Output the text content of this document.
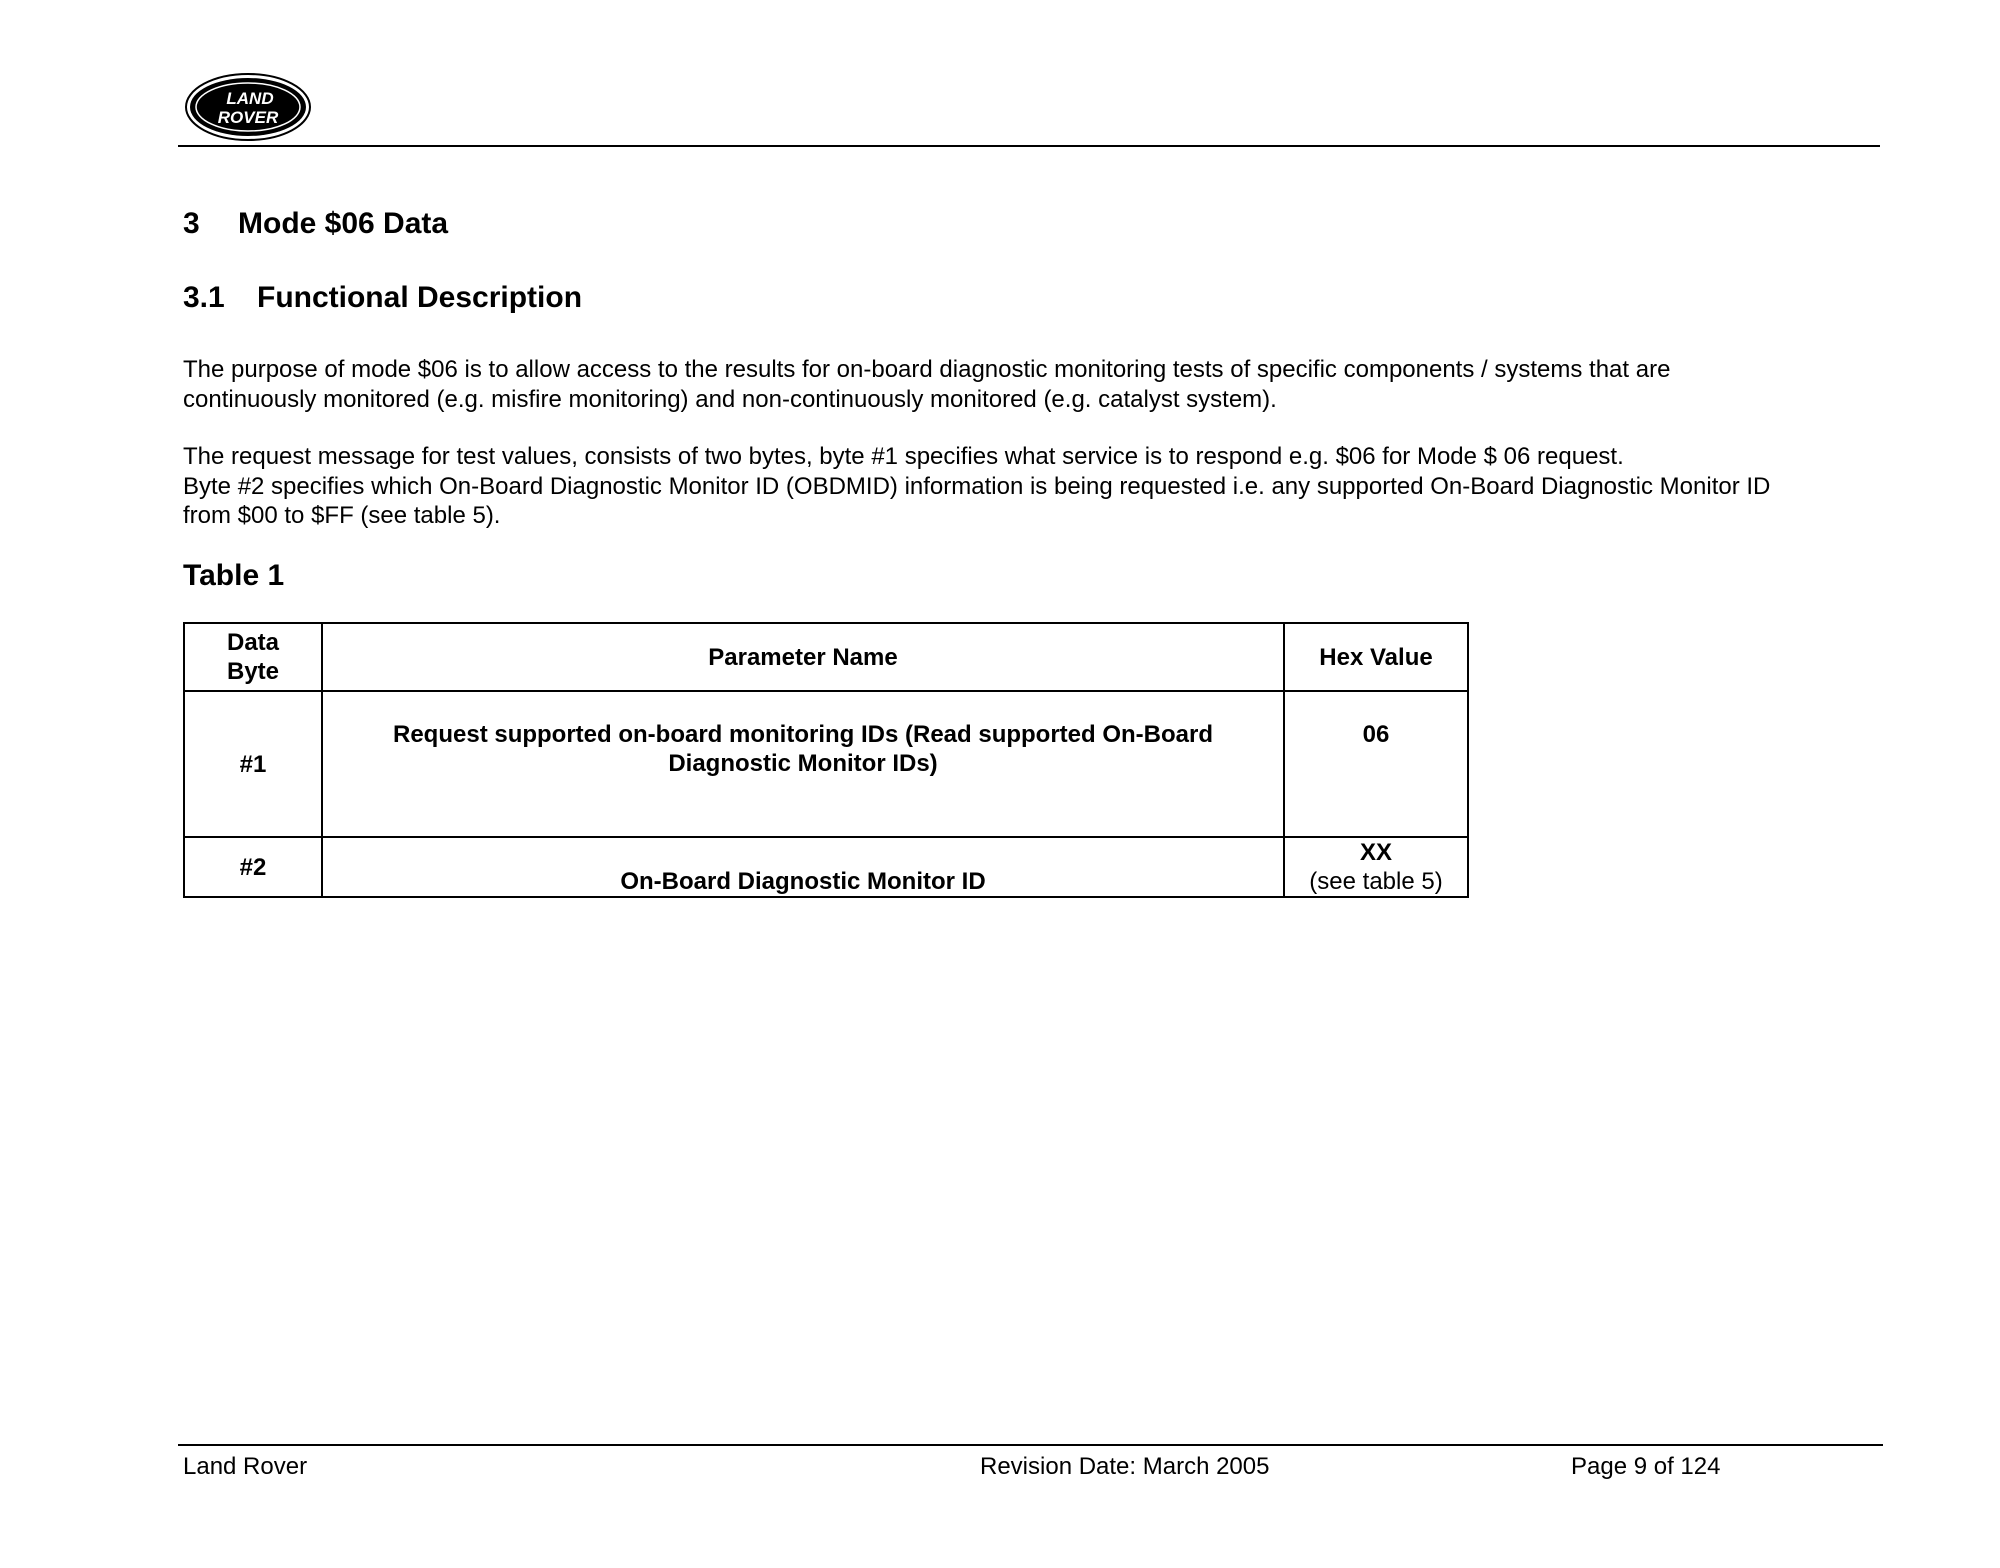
LAND
ROVER
3 Mode $06 Data
3.1 Functional Description
The purpose of mode $06 is to allow access to the results for on-board diagnostic monitoring tests of specific components / systems that are
continuously monitored (e.g. misfire monitoring) and non-continuously monitored (e.g. catalyst system).
The request message for test values, consists of two bytes, byte #1 specifies what service is to respond e.g. $06 for Mode $ 06 request.
Byte #2 specifies which On-Board Diagnostic Monitor ID (OBDMID) information is being requested i.e. any supported On-Board Diagnostic Monitor ID
from $00 to $FF (see table 5).
Table 1
Data
Byte	Parameter Name	Hex Value
#1	Request supported on-board monitoring IDs (Read supported On-Board
Diagnostic Monitor IDs)	06
#2	On-Board Diagnostic Monitor ID	XX
(see table 5)
Land Rover	Revision Date: March 2005	Page 9 of 124
